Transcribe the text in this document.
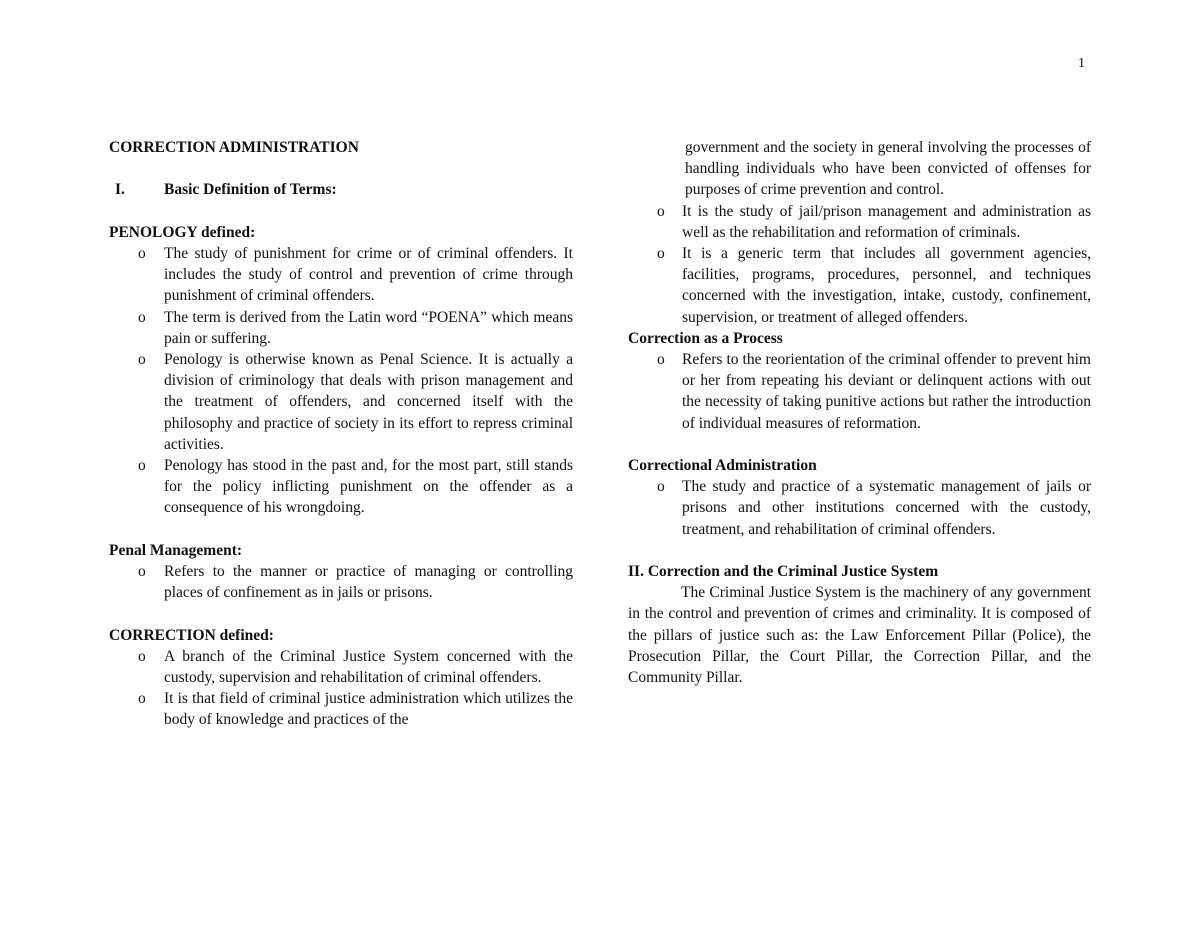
1

CORRECTION ADMINISTRATION

I.	Basic Definition of Terms:

PENOLOGY defined:

o The study of punishment for crime or of criminal offenders. It includes the study of control and prevention of crime through punishment of criminal offenders.
o The term is derived from the Latin word “POENA” which means pain or suffering.
o Penology is otherwise known as Penal Science. It is actually a division of criminology that deals with prison management and the treatment of offenders, and concerned itself with the philosophy and practice of society in its effort to repress criminal activities.
o Penology has stood in the past and, for the most part, still stands for the policy inflicting punishment on the offender as a consequence of his wrongdoing.

Penal Management:

o Refers to the manner or practice of managing or controlling places of confinement as in jails or prisons.

CORRECTION defined:

o A branch of the Criminal Justice System concerned with the custody, supervision and rehabilitation of criminal offenders.
o It is that field of criminal justice administration which utilizes the body of knowledge and practices of the
government and the society in general involving the processes of handling individuals who have been convicted of offenses for purposes of crime prevention and control.
o It is the study of jail/prison management and administration as well as the rehabilitation and reformation of criminals.
o It is a generic term that includes all government agencies, facilities, programs, procedures, personnel, and techniques concerned with the investigation, intake, custody, confinement, supervision, or treatment of alleged offenders.

Correction as a Process

o Refers to the reorientation of the criminal offender to prevent him or her from repeating his deviant or delinquent actions with out the necessity of taking punitive actions but rather the introduction of individual measures of reformation.

Correctional Administration

o The study and practice of a systematic management of jails or prisons and other institutions concerned with the custody, treatment, and rehabilitation of criminal offenders.

II. Correction and the Criminal Justice System

The Criminal Justice System is the machinery of any government in the control and prevention of crimes and criminality. It is composed of the pillars of justice such as: the Law Enforcement Pillar (Police), the Prosecution Pillar, the Court Pillar, the Correction Pillar, and the Community Pillar.
